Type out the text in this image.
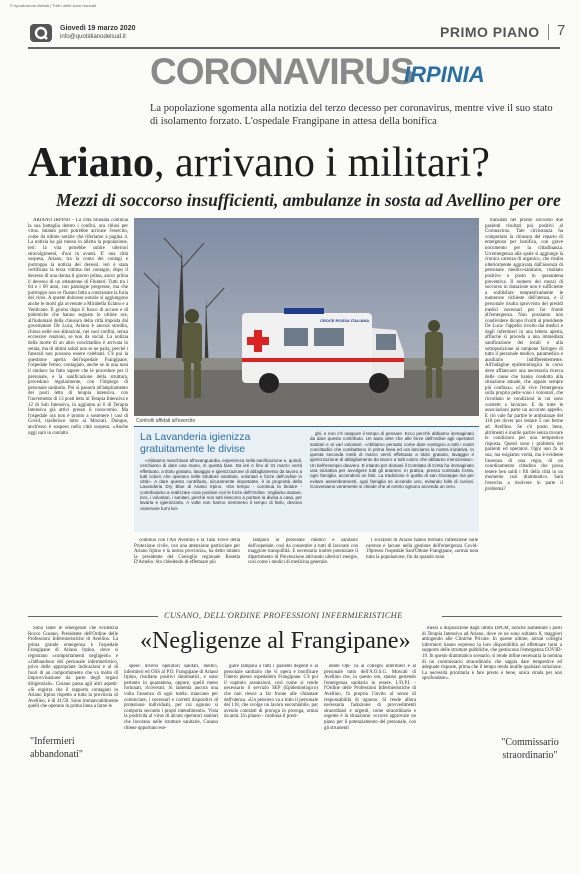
© riproduzione vietata | Tutti i diritti sono riservati
Giovedì 19 marzo 2020
info@quotidianodelsud.it	PRIMO PIANO 7
CORONAVIRUS
IRPINIA
La popolazione sgomenta alla notizia del terzo decesso per coronavirus, mentre vive il suo stato di isolamento forzato. L'ospedale Frangipane in attesa della bonifica
Ariano, arrivano i militari?
Mezzi di soccorso insufficienti, ambulanze in sosta ad Avellino per ore

ARIANO IRPINO - La città blindata continua la sua battaglia dentro i confini, ora chiusi per virus. Intanto però potrebbe arrivare l'esercito, come da ultime notizie che riferiamo a pagina 4. La notizia ha già messo in allerta la popolazione, ieri: la vita potrebbe subire ulteriori stravolgimenti, d'ora in avanti. E' una città sospesa, Ariano, tra la conta dei contagi e purtroppo la notizia dei decessi: ieri è stata certificata la terza vittima del contagio, dopo il decesso di una donna il giorno prima, ancor prima il decesso di un ottantenne di Flumeri. Tutti tra i 64 e i 69 anni, con patologie pregresse, ma che purtroppo non ce l'hanno fatta a contrastare la furia del virus. A queste dolorose notizie si aggiungono anche le morti già avvenute a Mirabella Eclano e a Venticano. Il giorno dopo il fuoco di accuse e di polemiche che hanno segnato le ultime ore, all'indomani della chiusura della città imposta dal governatore De Luca, Ariano è ancora stordita, chiusa nelle sue abitazioni, nei suoi confini, senza eccessive reazioni, se non da social. La notizia della morte di un altro concittadino è arrivata in serata, ma di ultimi saluti non se ne parla, perché i funerali non possono essere celebrati. C'è poi la questione aperta dell'ospedale Frangipane, l'ospedale fermo, contagiato, anche se in una nota il sindaco ha fatto sapere che le procedure per il personale, e la sanificazione della struttura, procedono regolarmente, con l'impiego di personale sanitario. Poi si passerà all'ampliamento dei posti letto di terapia intensiva, con l'incremento di 13 posti letto in Terapia Intensiva e 12 di Sub Intensiva, in aggiunta ai 6 di Terapia Intensiva già attivi presso il nosocomio. Ma l'ospedale ora non è pronto a sostenere i casi di Covid, trasferisce tutto al Moscati. Dunque, anch'esso è sospeso nella città sospesa. «Anche oggi sarò in contatto

CROCE ROSSA ITALIANA
Controlli affidati all'esercito

transitati nel pronto soccorso due pazienti risultati poi positivi al Coronavirus. Tale circostanza ha comportato la chiusura del reparto di emergenza per bonifica, con grave nocumento per la cittadinanza. Un'emergenza alla quale si aggiunge la cronica carenza di organico, che risulta ulteriormente aggravata dall'assenza di personale medico-sanitario, risultato positivo o posto in quarantena preventiva. Il numero dei mezzi di soccorso in dotazione non è sufficiente a soddisfare tempestivamente le numerose richieste dell'utenza, e il personale risulta sprovvisto dei presidi medici necessari per far fronte all'emergenza. Non possiamo non condividere dicono rivolti al presidente De Luca- l'appello rivolto dai medici e dagli infermieri in una lettera aperta, affinché si proceda a una immediata sanificazione dei locali e alla sottoposizione al tampone faringeo di tutto il personale medico, paramedico e ausiliario indifferentemente. All'indagine epidemiologica in corso deve affiancarsi una necessaria ricerca delle cause che hanno condotto alla situazione attuale, che appare sempre più confusa». «Chi vive l'emergenza sulla propria pelle sono i volontari, che ricordano le condizioni in cui sono costretti a lavorare. E da tutte le associazioni parte un accorato appello. E ciò vale far partire le ambulanze del 118 per dover poi restare 5 ore ferme ad Avellino. Se c'è posto bene, altrimenti è inutile partire senza trovare le condizioni per una tempestiva risposta. Questi sono i problemi dei pazienti ed operatori. Ogni uno fa la sua, ma esigiamo verità, ma è evidente l'assenza di una regia, di un coordinamento cittadino che possa tenere ben saldi i fili della città in un momento così drammatico. Sarà l'esercito a risolvere in parte il problema?

La Lavanderia igienizza
gratuitamente le divise

«Abbiamo macchinari all'avanguardia, esperienza nella sanificazione e, quindi, cerchiamo di dare una mano, in questa fase. Da ieri e fino al 31 marzo verrà effettuato, a titolo gratuito, lavaggio e igienizzazione di abbigliamento da lavoro a tutti coloro che operano nelle strutture sanitarie, volontari e forze dell'ordine in città». A dare questo contributo, sicuramente importante, è la proprietà della Lavanderia Dry Blue di Ariano Irpino. «Da tempo - continua la titolare - contribuiamo a realizzare cose positive con le forze dell'Ordine. Vogliamo aiutare, loro, i volontari, i sanitari, perché non tutti riescono a portare la divisa a casa, per lavarla e igienizzarla. A volte non hanno nemmeno il tempo di farlo, devono osservare turni lun-

ghi, e non c'è neppure il tempo di pensare. Ecco perché abbiamo immaginato da dare questo contributo. Un aiuto oltre che alle forze dell'ordine agli operatori sanitari e ai vari volontari. «Abbiamo pensato come dare sostegno a tutti i nostri concittadini che combattono in prima linea ed ora lanciamo la nostra iniziativa. In questa seconda metà di marzo verrà effettuato a titolo gratuito, lavaggio e igienizzazione di abbigliamento da lavoro a tutti coloro che abbiamo menzionato». Un bell'esempio davvero. E intanto per domani il Comitato di Creta ha immaginato una iniziativa per avvolgere tutti gli arianesi. In pratica, presso contrada Creta, ogni famiglia, accenderà un falò. La tradizione è quella di san Giuseppe ma per evitare assembramenti, ogni famiglia ne accende uno, evitando folle di curiosi. Conveniamo veramente si chiede che al centro ognuno accenda un cero.

continuo con l'Asl Avellino e la Task Force della Protezione civile, con una attenzione particolare per Ariano Irpino e la nostra provincia», ha detto intanto la presidente del Consiglio regionale Rosetta D'Amelio. Sto chiedendo di effettuare più

tamponi al personale medico e sanitario dell'ospedale, così da consentire a tutti di lavorare con maggiore tranquillità. E necessario inoltre potenziare il dipartimento di Prevenzione attivando ulteriori energie, così come i medici di medicina generale.

I socialisti di Ariano hanno fermato l'attenzione sulle carenze e lacune nella gestione dell'emergenza Covid-19presso l'ospedale Sant'Ottone Frangipane, «ormai nota tutta la popolazione, fin da quando sono

CUSANO, DELL'ORDINE PROFESSIONI INFERMIERISTICHE

Sono tante le emergenze che evidenzia Rocco Cusano, Presidente dell'Ordine delle Professioni Infermieristiche di Avellino. La prima grande emergenza è l'ospedale Frangipane di Ariano Irpino, dove si registrano «comportamenti negligenti» e «l'abbandono del personale infermieristico, privo delle appropriate indicazioni e al di fuori di un comportamento che va molto di improvvisazione da parte degli organi dirigenziali». Cusano passa agli altri aspetti: «Si registra che il rapporto contagiati in Ariano Irpino rispetto a tutta la provincia di Avellino, è di 41/59. Sono immancabilmente quelli che operano in prima linea a farne le

"Infermieri abbandonati"
«Negligenze al Frangipane»

spese: diversi operatori sanitari, medici, infermieri ed OSS al P.O. Frangipane di Ariano Irpino, risultano positivi sintomatici, e sono pertanto in quarantena, oppure, quelli meno fortunati, ricoverati. Si lamenta ancora una volta l'assenza di ogni tutela: mancano per cominciare, i necessari e corretti dispositivi di protezione individuali, per cui ognuno si comporta secondo i propri intendimenti». Vista la positività al virus di alcuni operatori sanitari che lavorano nelle strutture sanitarie, Cusano ritiene opportuno ese-

guire tamponi a tutti i pazienti degenti e al personale sanitario che vi opera e bonificare l'intero plesso ospedaliero Frangipane. C'è poi il capitolo assunzioni, così come si rende necessario il servizio SEP (Epidemiologico) che non riesce a far fronte alle chiamate dell'utenza. «Un pensiero va a tutto il personale del 118, che svolge un lavoro encomiabile, pur avendo contratti di proroga in proroga, ormai da anni. Un plauso - continua il presi-

dente Opi- va ai colleghi infermieri e al personale tutto dell'A.O.S.G. Moscati di Avellino che, in questo ore, stanno gestendo l'emergenza sanitaria in essere. L'O.P.I. - l'Ordine delle Professioni Infermieristiche di Avellino, fa proprio l'invito al senso di responsabilità di ognuno. Si rende allora necessaria l'adozione di provvedimenti straordinari e urgenti, come straordinaria e urgente è la situazione: occorre approvare un piano per il potenziamento del personale, con gli strumenti

messi a disposizione dagli ultimi DPCM, nonché aumentare i posti di Terapia Intensiva ad Ariano, dove ce ne sono soltanto 8, maggiori attingendo alle Cliniche Private. In queste ultime, alcuni colleghi infermieri hanno espresso la loro disponibilità ad effettuare turni a supporto delle strutture pubbliche, che gestiscono l'emergenza COVID-19. In questo drammatico scenario, si rende infine necessaria la nomina di un commissario straordinario che sappia dare tempestive ed adeguate risposte, prima che il tempo renda inutile qualsiasi soluzione. La necessità prioritaria è fare presto e bene, unica strada per non sprofondare».

"Commissario straordinario"
